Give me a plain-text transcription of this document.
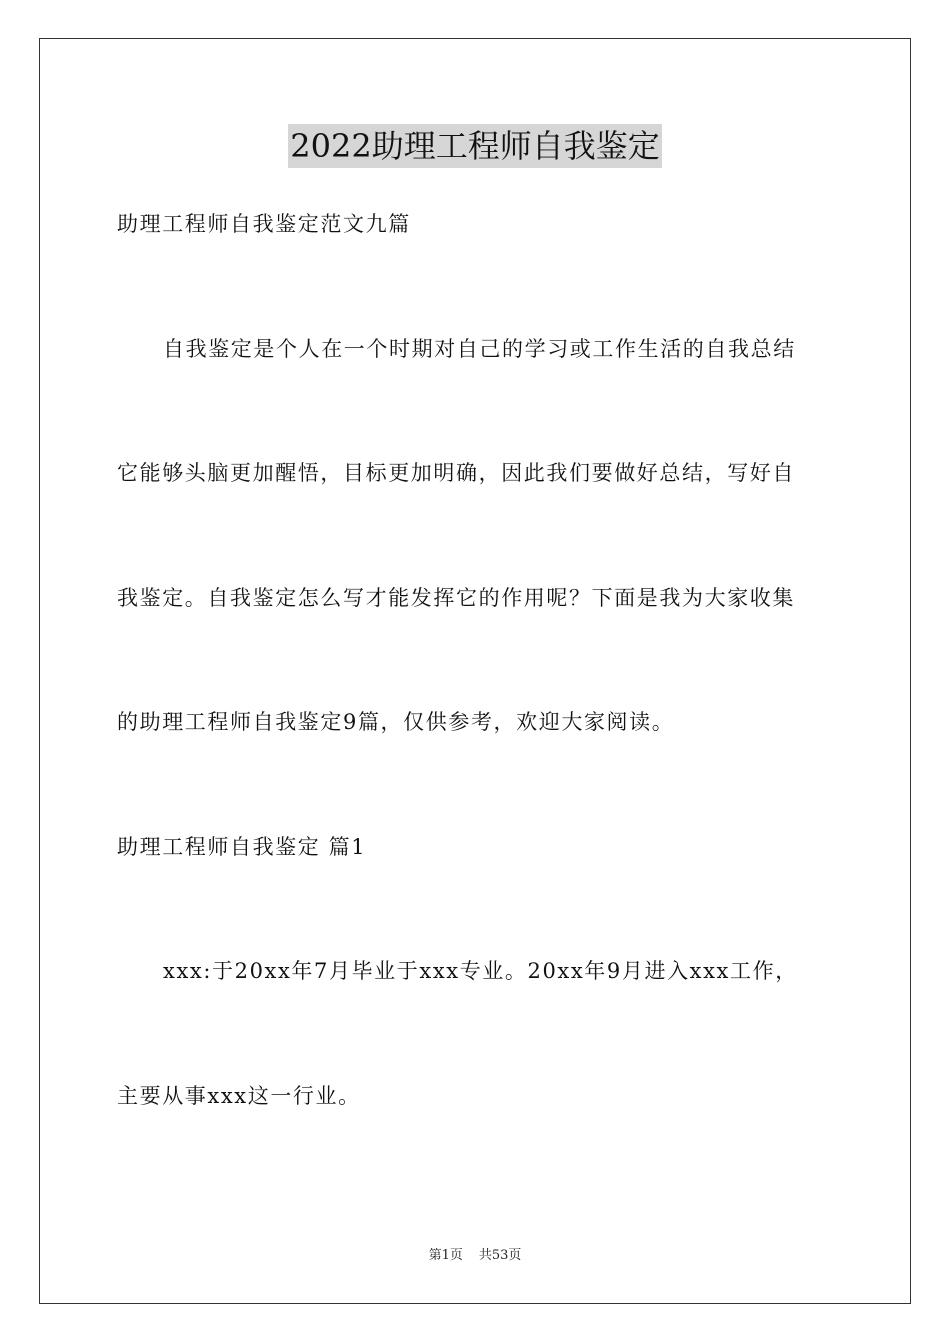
2022助理工程师自我鉴定

助理工程师自我鉴定范文九篇

自我鉴定是个人在一个时期对自己的学习或工作生活的自我总结

它能够头脑更加醒悟，目标更加明确，因此我们要做好总结，写好自

我鉴定。自我鉴定怎么写才能发挥它的作用呢？下面是我为大家收集

的助理工程师自我鉴定9篇，仅供参考，欢迎大家阅读。

助理工程师自我鉴定 篇1

xxx:于20xx年7月毕业于xxx专业。20xx年9月进入xxx工作，

主要从事xxx这一行业。

第1页 共53页
